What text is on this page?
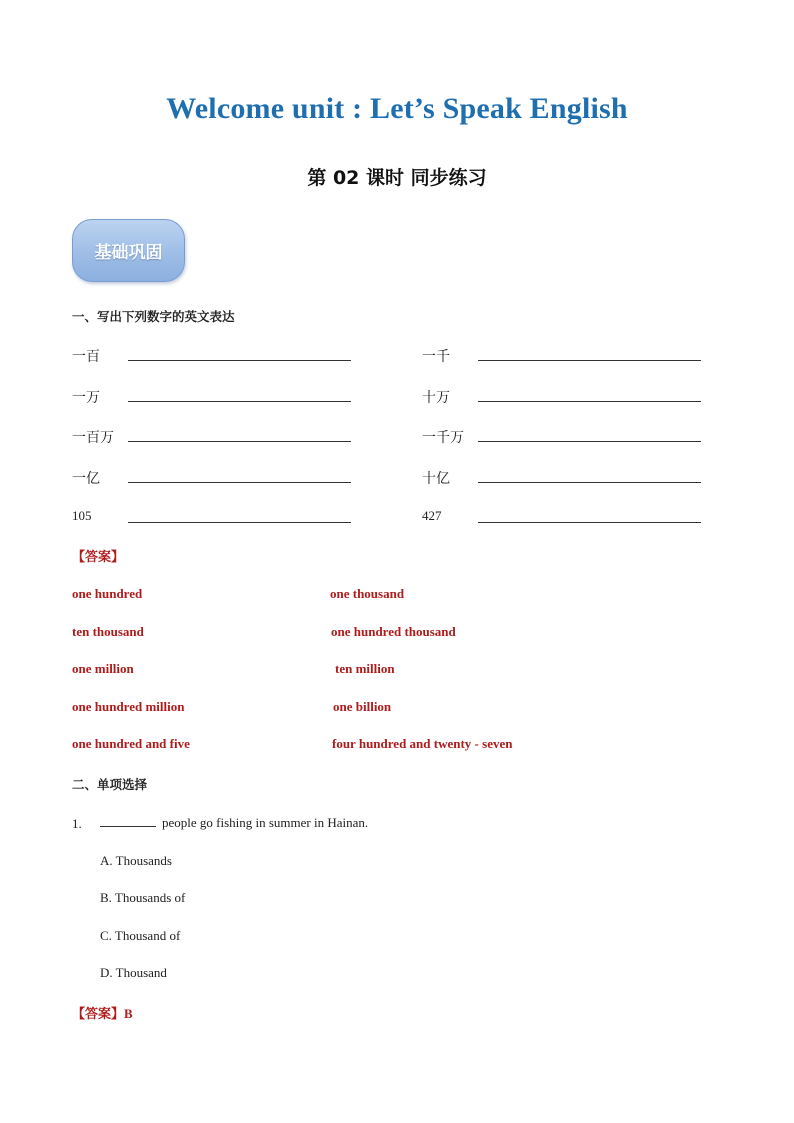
Welcome unit : Let’s Speak English
第 02 课时 同步练习
基础巩固
一、写出下列数字的英文表达
一百	一千
一万	十万
一百万	一千万
一亿	十亿
105	427
【答案】
one hundred	one thousand
ten thousand	one hundred thousand
one million	ten million
one hundred million	one billion
one hundred and five	four hundred and twenty - seven
二、单项选择
1.	people go fishing in summer in Hainan.
A. Thousands
B. Thousands of
C. Thousand of
D. Thousand
【答案】B
